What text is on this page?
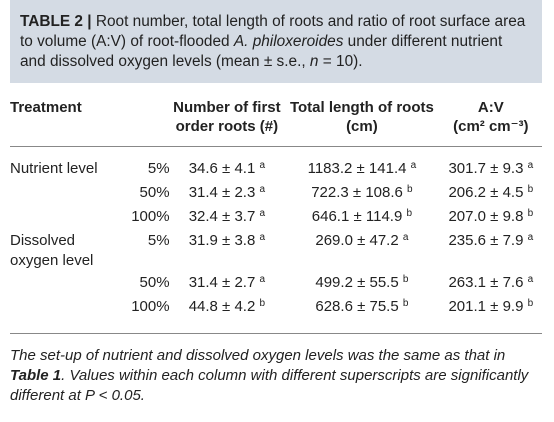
TABLE 2 | Root number, total length of roots and ratio of root surface area to volume (A:V) of root-flooded A. philoxeroides under different nutrient and dissolved oxygen levels (mean ± s.e., n = 10).
Treatment		Number of first order roots (#)	Total length of roots (cm)	A:V
(cm² cm⁻³)
Nutrient level	5%	34.6 ± 4.1 $^a$	1183.2 ± 141.4 $^a$	301.7 ± 9.3 $^a$
	50%	31.4 ± 2.3 $^a$	722.3 ± 108.6 $^b$	206.2 ± 4.5 $^b$
	100%	32.4 ± 3.7 $^a$	646.1 ± 114.9 $^b$	207.0 ± 9.8 $^b$
Dissolved oxygen level	5%	31.9 ± 3.8 $^a$	269.0 ± 47.2 $^a$	235.6 ± 7.9 $^a$
	50%	31.4 ± 2.7 $^a$	499.2 ± 55.5 $^b$	263.1 ± 7.6 $^a$
	100%	44.8 ± 4.2 $^b$	628.6 ± 75.5 $^b$	201.1 ± 9.9 $^b$
The set-up of nutrient and dissolved oxygen levels was the same as that in Table 1. Values within each column with different superscripts are significantly different at P < 0.05.
